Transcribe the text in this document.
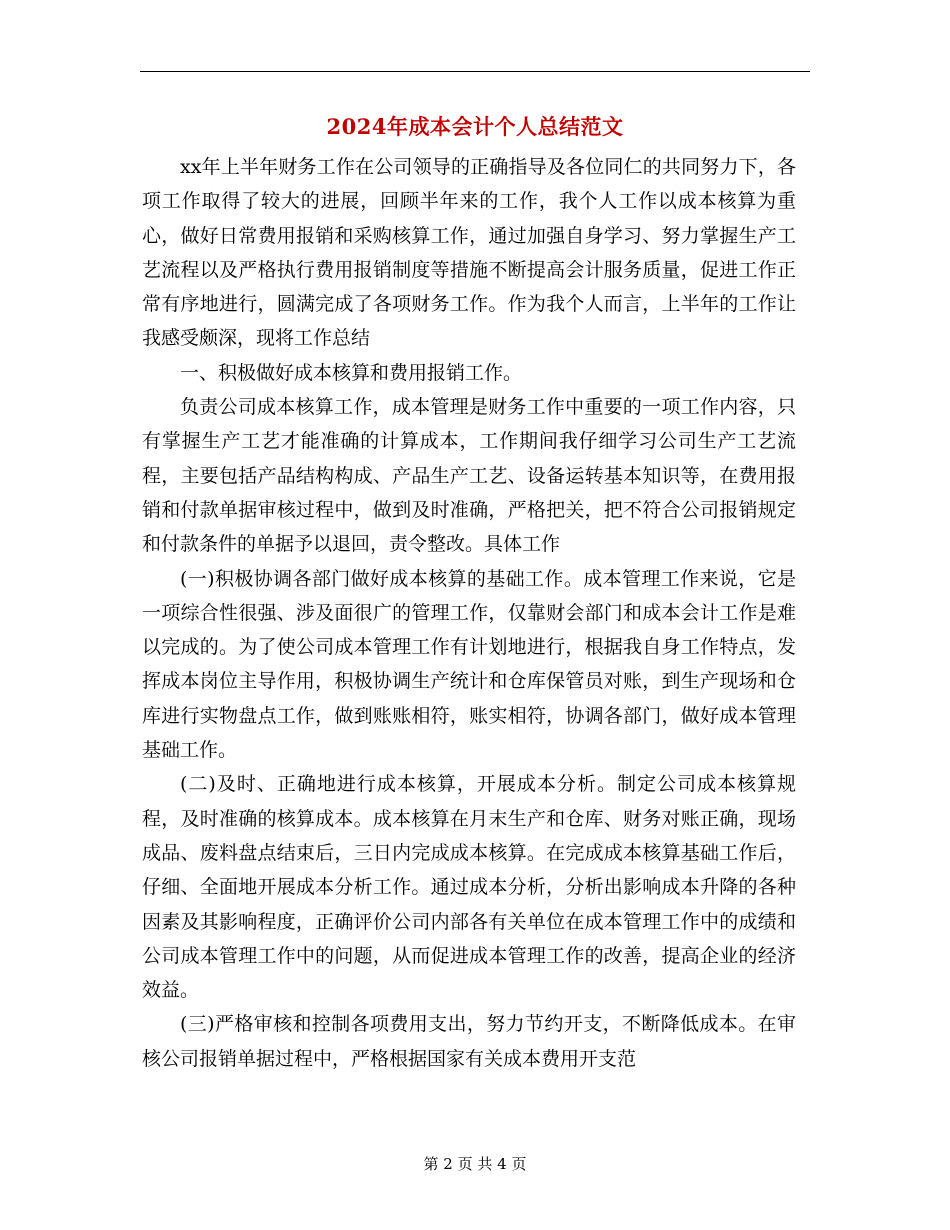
2024年成本会计个人总结范文

xx年上半年财务工作在公司领导的正确指导及各位同仁的共同努力下，各项工作取得了较大的进展，回顾半年来的工作，我个人工作以成本核算为重心，做好日常费用报销和采购核算工作，通过加强自身学习、努力掌握生产工艺流程以及严格执行费用报销制度等措施不断提高会计服务质量，促进工作正常有序地进行，圆满完成了各项财务工作。作为我个人而言，上半年的工作让我感受颇深，现将工作总结

一、积极做好成本核算和费用报销工作。

负责公司成本核算工作，成本管理是财务工作中重要的一项工作内容，只有掌握生产工艺才能准确的计算成本，工作期间我仔细学习公司生产工艺流程，主要包括产品结构构成、产品生产工艺、设备运转基本知识等，在费用报销和付款单据审核过程中，做到及时准确，严格把关，把不符合公司报销规定和付款条件的单据予以退回，责令整改。具体工作

(一)积极协调各部门做好成本核算的基础工作。成本管理工作来说，它是一项综合性很强、涉及面很广的管理工作，仅靠财会部门和成本会计工作是难以完成的。为了使公司成本管理工作有计划地进行，根据我自身工作特点，发挥成本岗位主导作用，积极协调生产统计和仓库保管员对账，到生产现场和仓库进行实物盘点工作，做到账账相符，账实相符，协调各部门，做好成本管理基础工作。

(二)及时、正确地进行成本核算，开展成本分析。制定公司成本核算规程，及时准确的核算成本。成本核算在月末生产和仓库、财务对账正确，现场成品、废料盘点结束后，三日内完成成本核算。在完成成本核算基础工作后，仔细、全面地开展成本分析工作。通过成本分析，分析出影响成本升降的各种因素及其影响程度，正确评价公司内部各有关单位在成本管理工作中的成绩和公司成本管理工作中的问题，从而促进成本管理工作的改善，提高企业的经济效益。

(三)严格审核和控制各项费用支出，努力节约开支，不断降低成本。在审核公司报销单据过程中，严格根据国家有关成本费用开支范

第 2 页 共 4 页
